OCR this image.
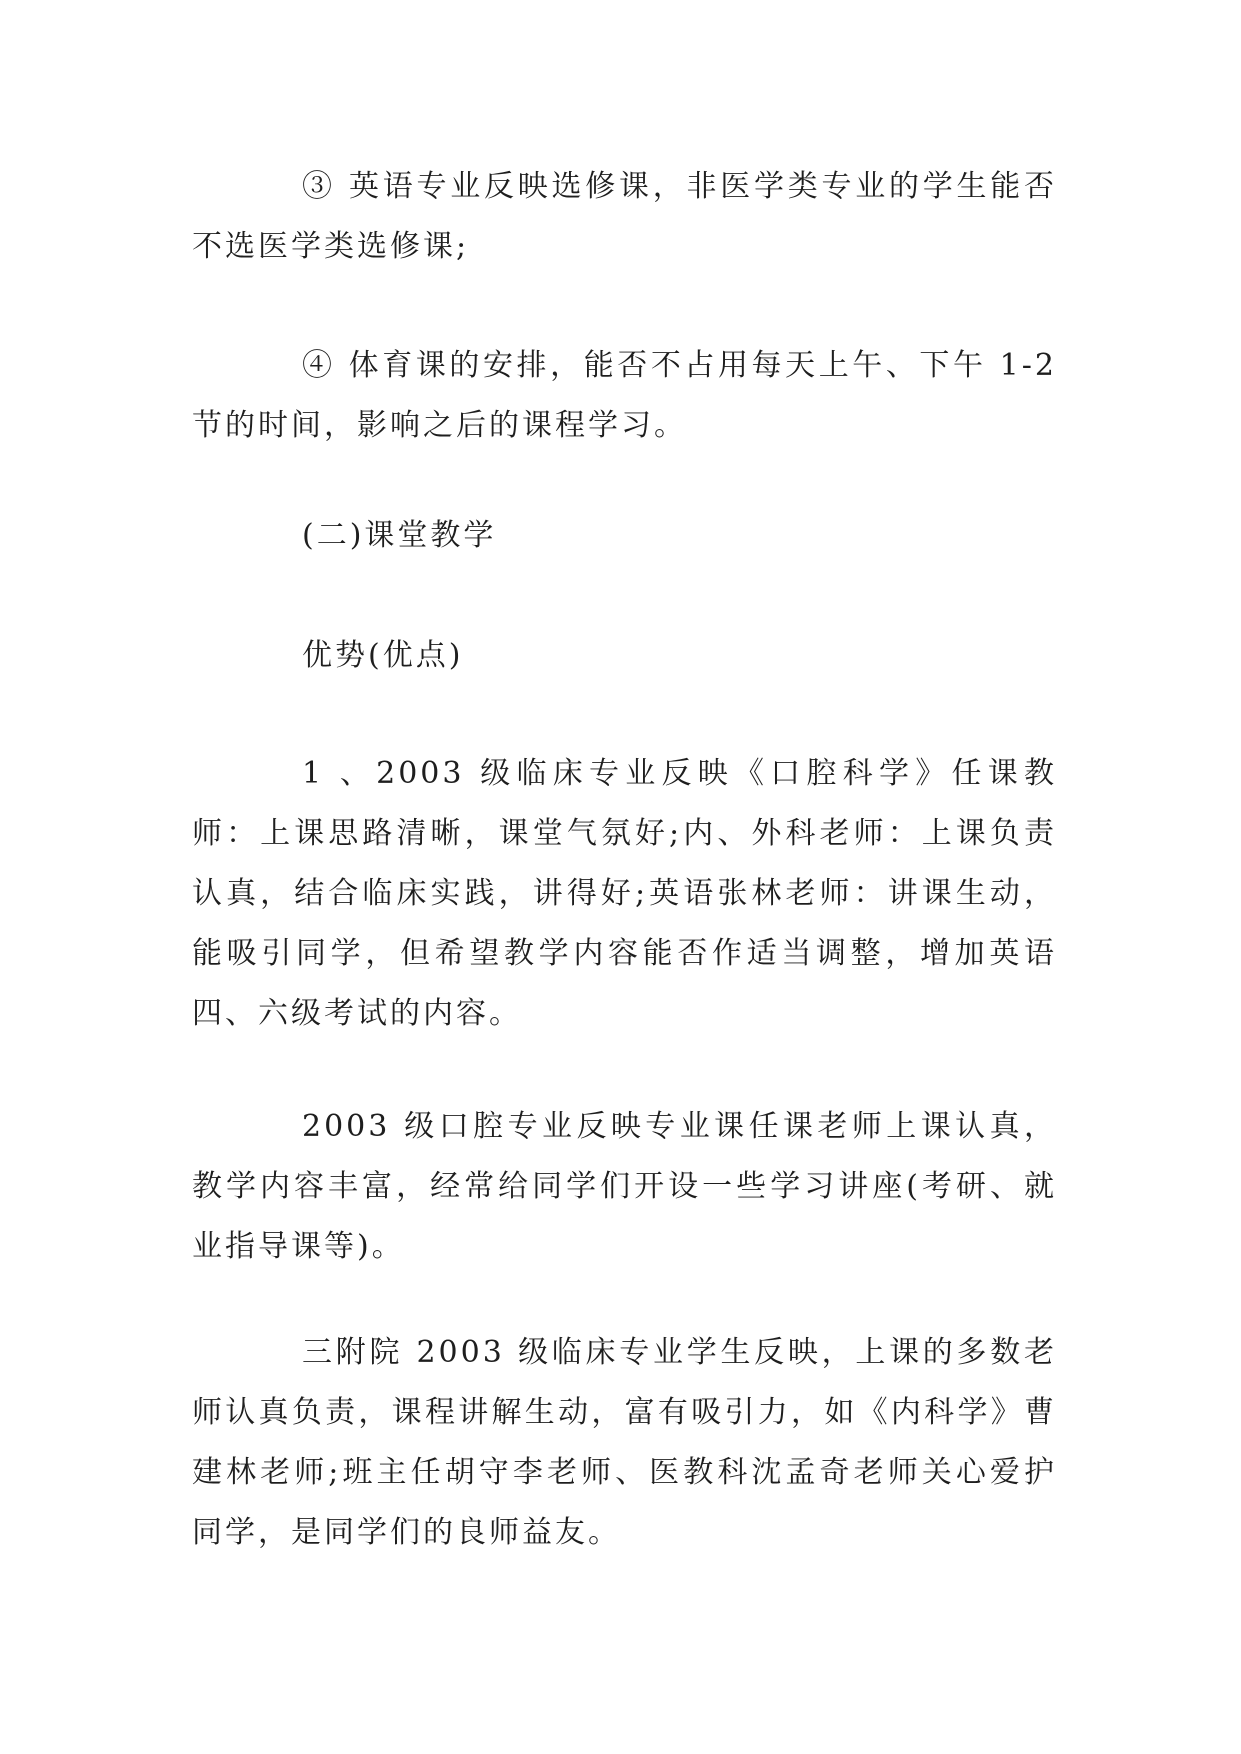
③ 英语专业反映选修课，非医学类专业的学生能否不选医学类选修课;

④ 体育课的安排，能否不占用每天上午、下午 1-2 节的时间，影响之后的课程学习。

(二)课堂教学

优势(优点)

1 、2003 级临床专业反映《口腔科学》任课教师：上课思路清晰，课堂气氛好;内、外科老师：上课负责认真，结合临床实践，讲得好;英语张林老师：讲课生动，能吸引同学，但希望教学内容能否作适当调整，增加英语四、六级考试的内容。

2003 级口腔专业反映专业课任课老师上课认真，教学内容丰富，经常给同学们开设一些学习讲座(考研、就业指导课等)。

三附院 2003 级临床专业学生反映，上课的多数老师认真负责，课程讲解生动，富有吸引力，如《内科学》曹建林老师;班主任胡守李老师、医教科沈孟奇老师关心爱护同学，是同学们的良师益友。
